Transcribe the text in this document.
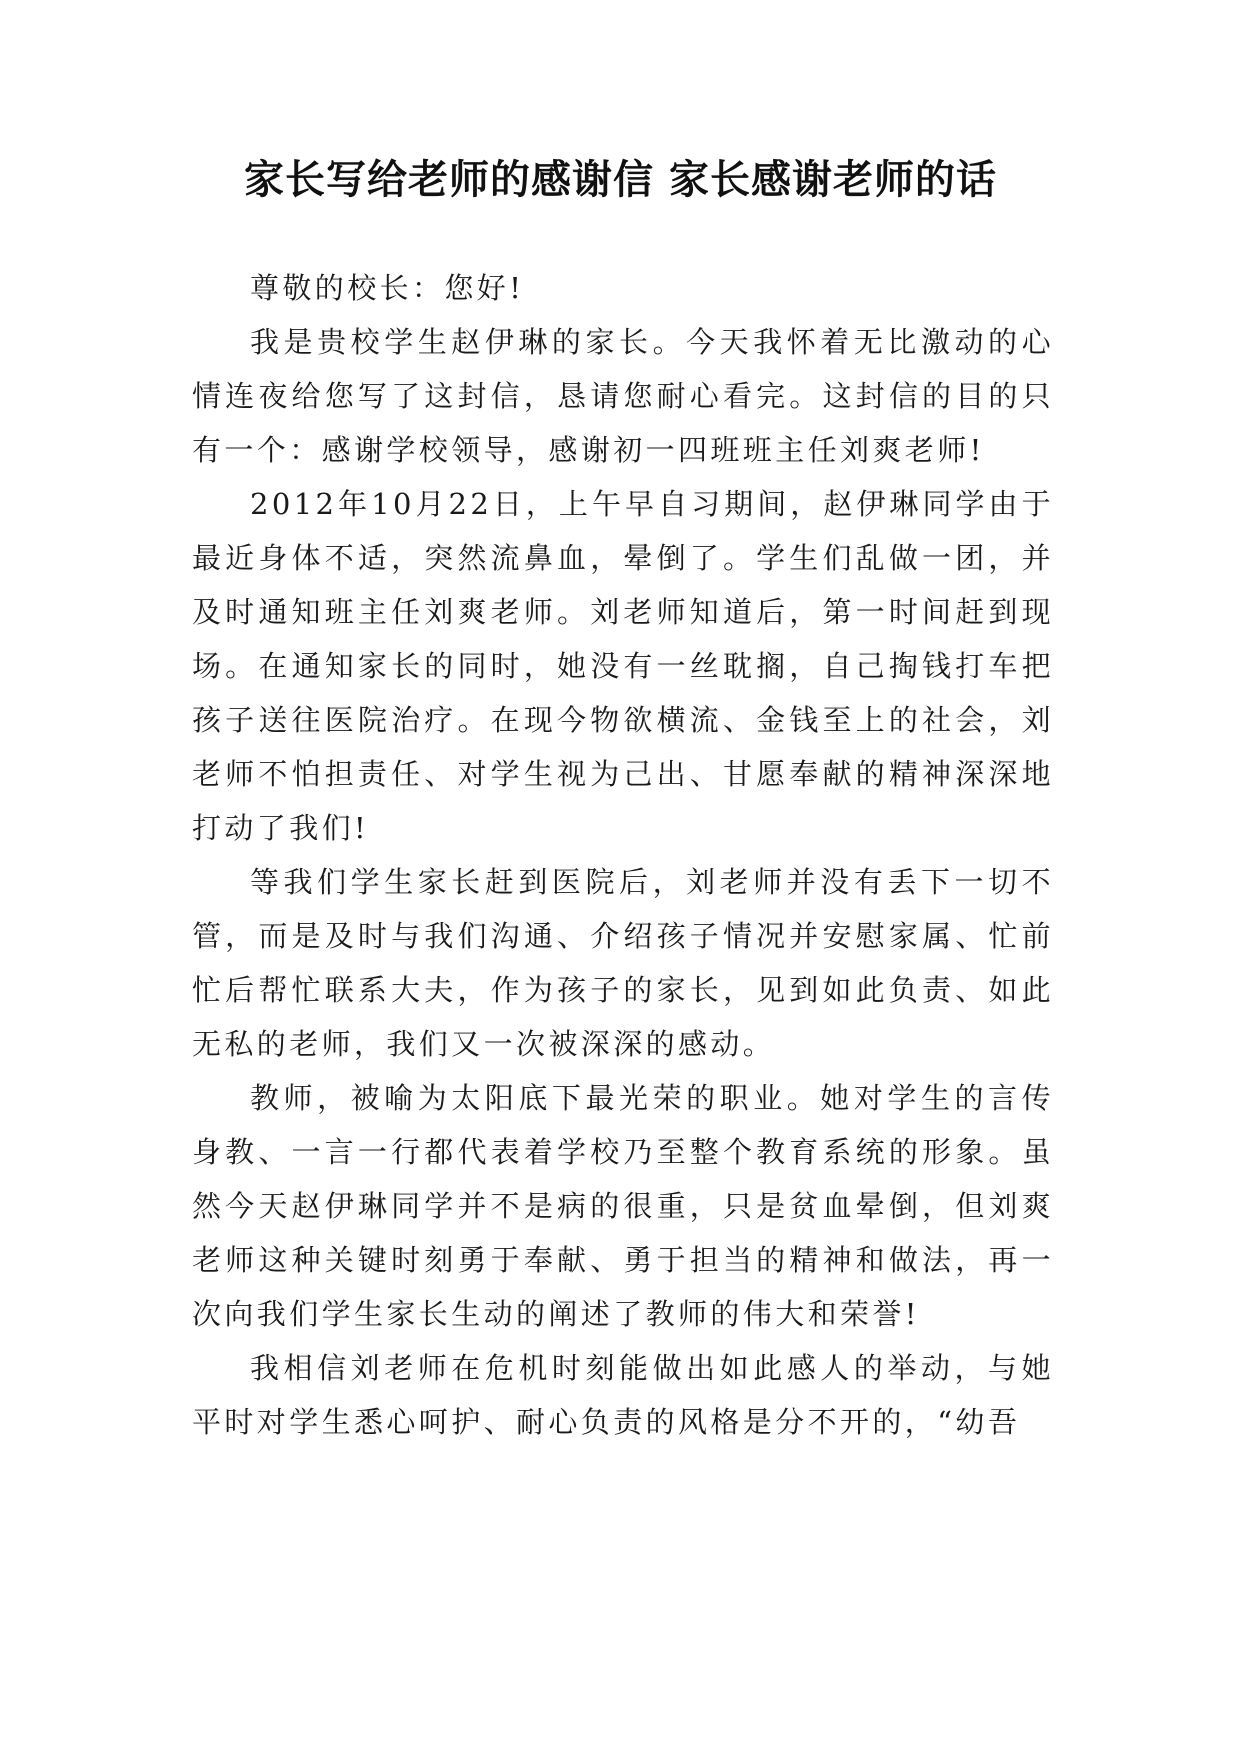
家长写给老师的感谢信 家长感谢老师的话

尊敬的校长：您好!

我是贵校学生赵伊琳的家长。今天我怀着无比激动的心情连夜给您写了这封信，恳请您耐心看完。这封信的目的只有一个：感谢学校领导，感谢初一四班班主任刘爽老师!

2012年10月22日，上午早自习期间，赵伊琳同学由于最近身体不适，突然流鼻血，晕倒了。学生们乱做一团，并及时通知班主任刘爽老师。刘老师知道后，第一时间赶到现场。在通知家长的同时，她没有一丝耽搁，自己掏钱打车把孩子送往医院治疗。在现今物欲横流、金钱至上的社会，刘老师不怕担责任、对学生视为己出、甘愿奉献的精神深深地打动了我们!

等我们学生家长赶到医院后，刘老师并没有丢下一切不管，而是及时与我们沟通、介绍孩子情况并安慰家属、忙前忙后帮忙联系大夫，作为孩子的家长，见到如此负责、如此无私的老师，我们又一次被深深的感动。

教师，被喻为太阳底下最光荣的职业。她对学生的言传身教、一言一行都代表着学校乃至整个教育系统的形象。虽然今天赵伊琳同学并不是病的很重，只是贫血晕倒，但刘爽老师这种关键时刻勇于奉献、勇于担当的精神和做法，再一次向我们学生家长生动的阐述了教师的伟大和荣誉!

我相信刘老师在危机时刻能做出如此感人的举动，与她平时对学生悉心呵护、耐心负责的风格是分不开的，“幼吾
